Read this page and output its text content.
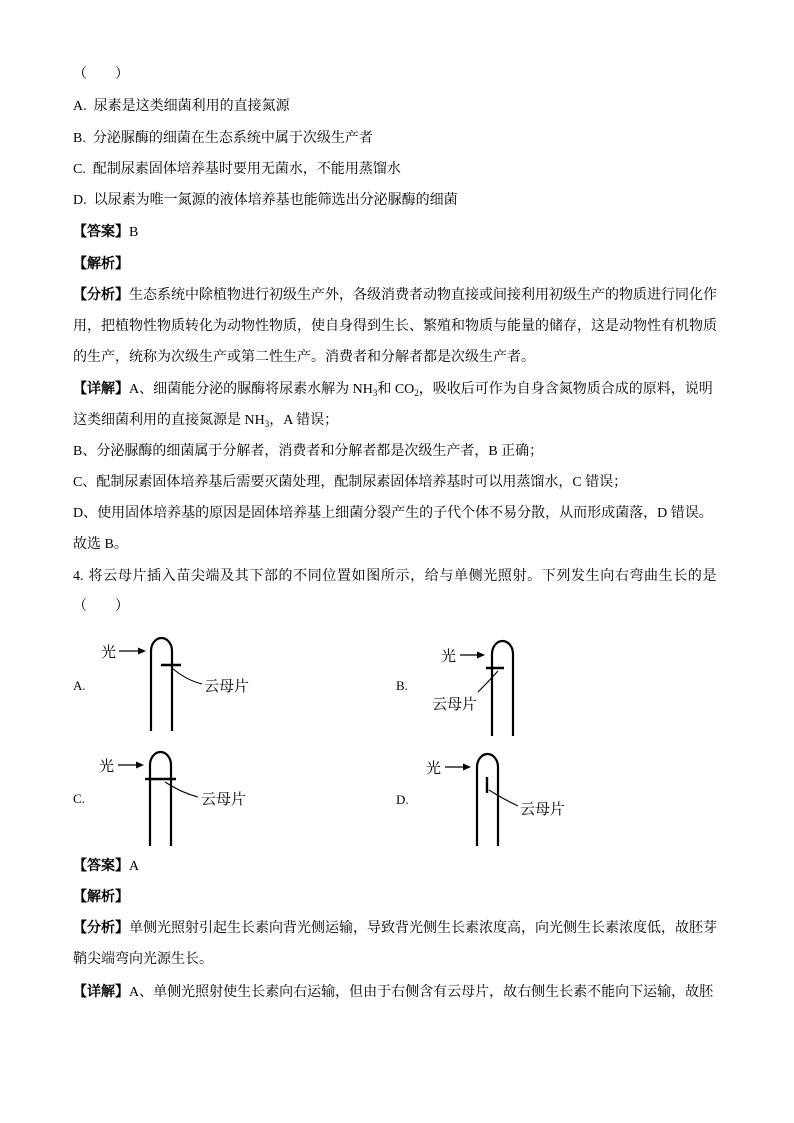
（　　）
A. 尿素是这类细菌利用的直接氮源
B. 分泌脲酶的细菌在生态系统中属于次级生产者
C. 配制尿素固体培养基时要用无菌水，不能用蒸馏水
D. 以尿素为唯一氮源的液体培养基也能筛选出分泌脲酶的细菌
【答案】B
【解析】
【分析】生态系统中除植物进行初级生产外，各级消费者动物直接或间接利用初级生产的物质进行同化作
用，把植物性物质转化为动物性物质，使自身得到生长、繁殖和物质与能量的储存，这是动物性有机物质
的生产，统称为次级生产或第二性生产。消费者和分解者都是次级生产者。
【详解】A、细菌能分泌的脲酶将尿素水解为 $NH_3$和 $CO_2$，吸收后可作为自身含氮物质合成的原料，说明
这类细菌利用的直接氮源是 $NH_3$，A 错误；
B、分泌脲酶的细菌属于分解者，消费者和分解者都是次级生产者，B 正确；
C、配制尿素固体培养基后需要灭菌处理，配制尿素固体培养基时可以用蒸馏水，C 错误；
D、使用固体培养基的原因是固体培养基上细菌分裂产生的子代个体不易分散，从而形成菌落，D 错误。
故选 B。
4. 将云母片插入苗尖端及其下部的不同位置如图所示，给与单侧光照射。下列发生向右弯曲生长的是
（　　）
A.
光
云母片	B.
光
云母片
C.
光
云母片	D.
光
云母片
【答案】A
【解析】
【分析】单侧光照射引起生长素向背光侧运输，导致背光侧生长素浓度高，向光侧生长素浓度低，故胚芽
鞘尖端弯向光源生长。
【详解】A、单侧光照射使生长素向右运输，但由于右侧含有云母片，故右侧生长素不能向下运输，故胚
